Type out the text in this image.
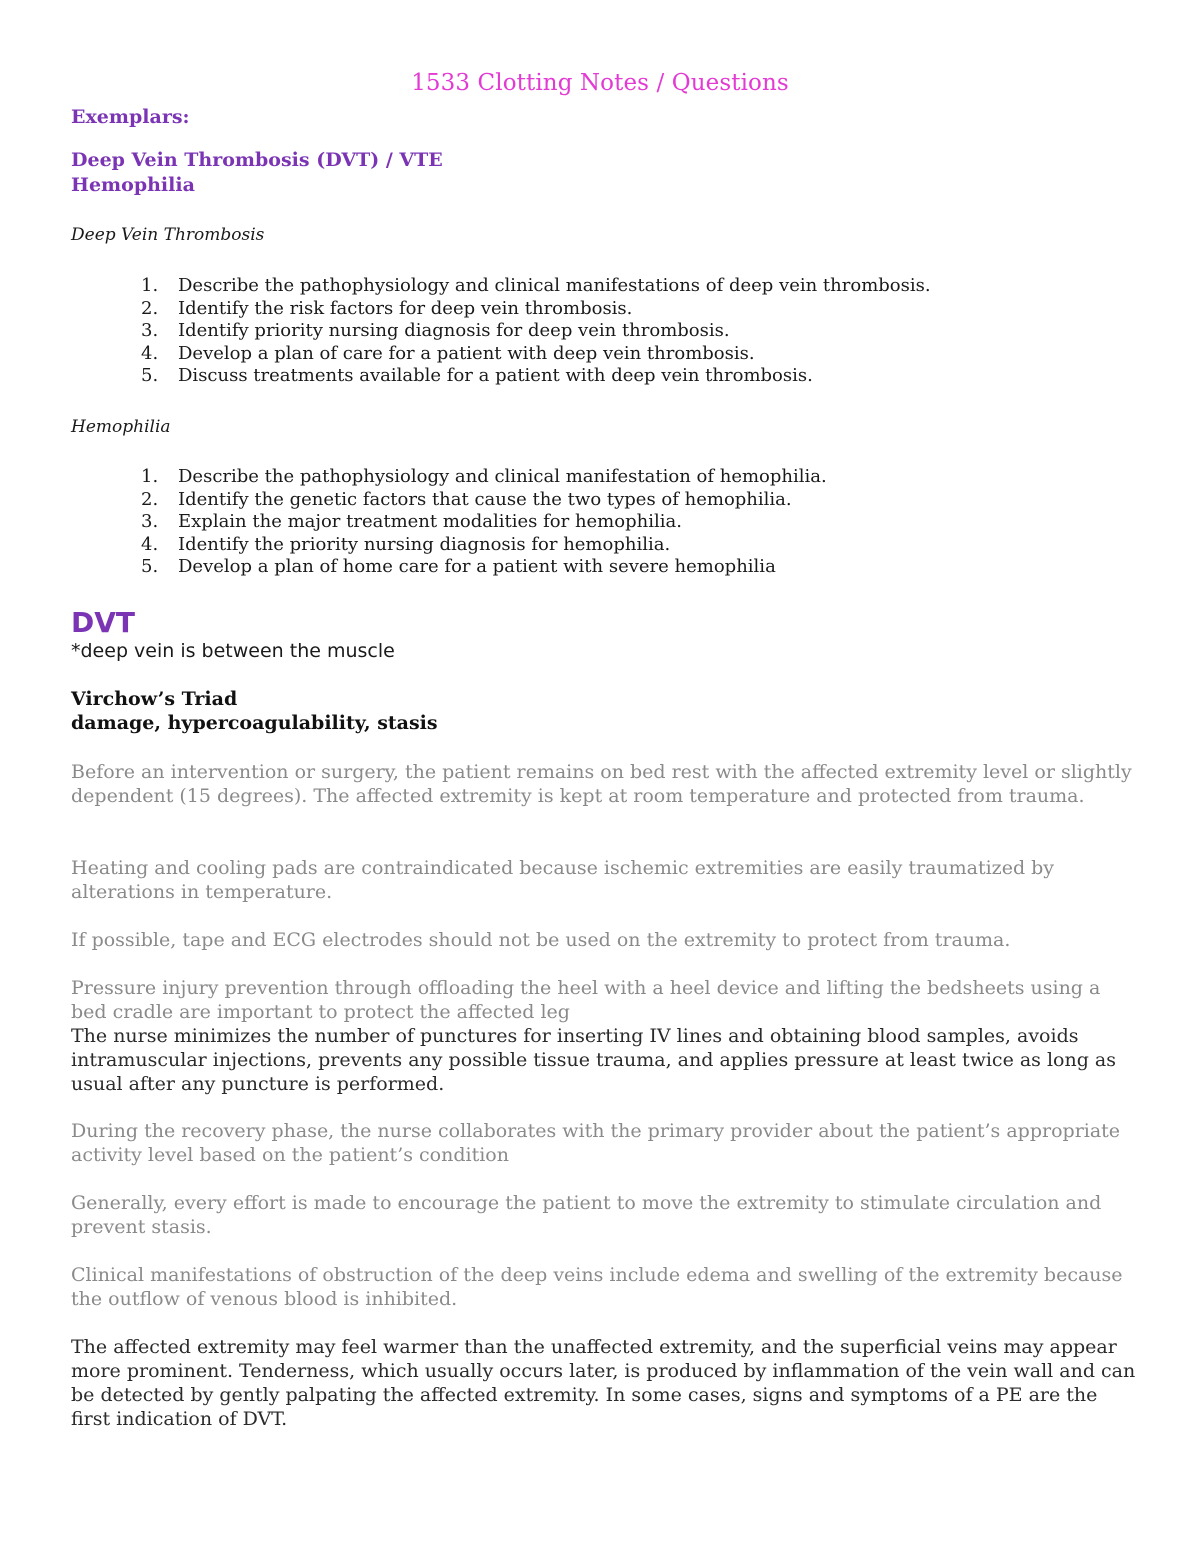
1533 Clotting Notes / Questions
Exemplars:
Deep Vein Thrombosis (DVT) / VTE
Hemophilia
Deep Vein Thrombosis
1.	Describe the pathophysiology and clinical manifestations of deep vein thrombosis.
2.	Identify the risk factors for deep vein thrombosis.
3.	Identify priority nursing diagnosis for deep vein thrombosis.
4.	Develop a plan of care for a patient with deep vein thrombosis.
5.	Discuss treatments available for a patient with deep vein thrombosis.
Hemophilia
1.	Describe the pathophysiology and clinical manifestation of hemophilia.
2.	Identify the genetic factors that cause the two types of hemophilia.
3.	Explain the major treatment modalities for hemophilia.
4.	Identify the priority nursing diagnosis for hemophilia.
5.	Develop a plan of home care for a patient with severe hemophilia
DVT
*deep vein is between the muscle
Virchow’s Triad
damage, hypercoagulability, stasis

Before an intervention or surgery, the patient remains on bed rest with the affected extremity level or slightly dependent (15 degrees). The affected extremity is kept at room temperature and protected from trauma.

Heating and cooling pads are contraindicated because ischemic extremities are easily traumatized by alterations in temperature.

If possible, tape and ECG electrodes should not be used on the extremity to protect from trauma.

Pressure injury prevention through offloading the heel with a heel device and lifting the bedsheets using a bed cradle are important to protect the affected leg

The nurse minimizes the number of punctures for inserting IV lines and obtaining blood samples, avoids intramuscular injections, prevents any possible tissue trauma, and applies pressure at least twice as long as usual after any puncture is performed.

During the recovery phase, the nurse collaborates with the primary provider about the patient’s appropriate activity level based on the patient’s condition

Generally, every effort is made to encourage the patient to move the extremity to stimulate circulation and prevent stasis.

Clinical manifestations of obstruction of the deep veins include edema and swelling of the extremity because the outflow of venous blood is inhibited.

The affected extremity may feel warmer than the unaffected extremity, and the superficial veins may appear more prominent. Tenderness, which usually occurs later, is produced by inflammation of the vein wall and can be detected by gently palpating the affected extremity. In some cases, signs and symptoms of a PE are the first indication of DVT.
